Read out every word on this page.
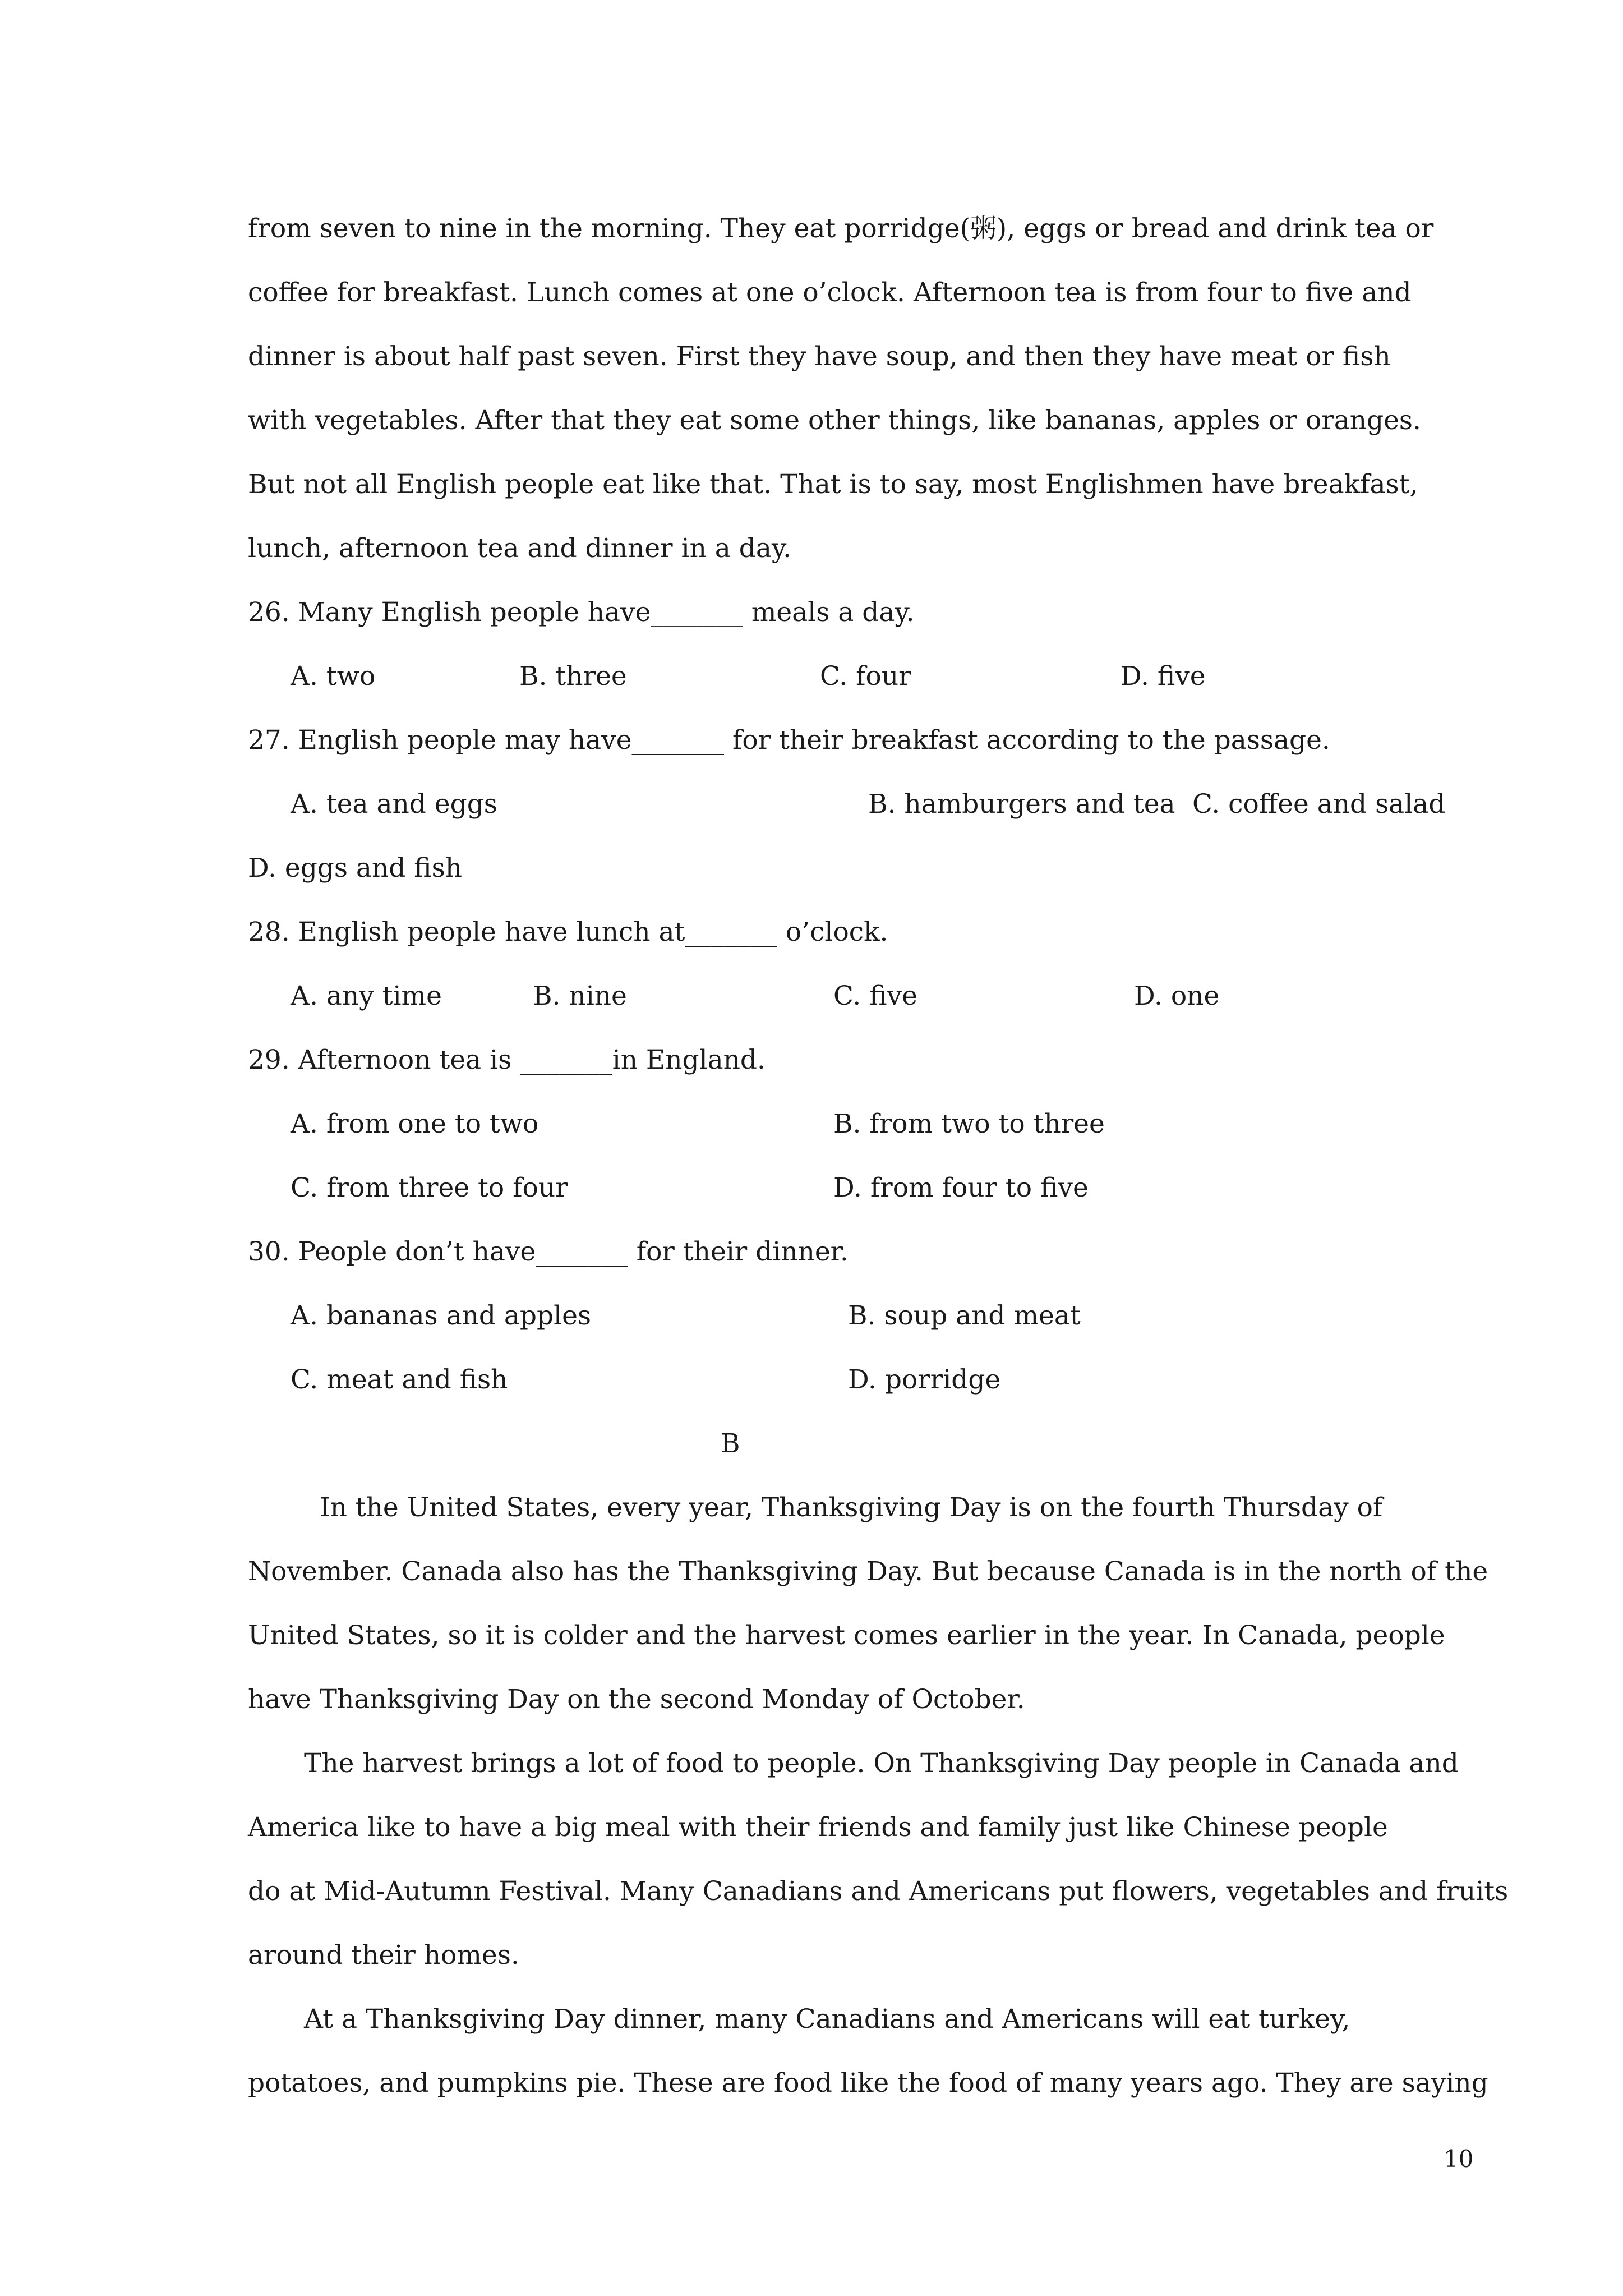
from seven to nine in the morning. They eat porridge(粥), eggs or bread and drink tea or
coffee for breakfast. Lunch comes at one o’clock. Afternoon tea is from four to five and
dinner is about half past seven. First they have soup, and then they have meat or fish
with vegetables. After that they eat some other things, like bananas, apples or oranges.
But not all English people eat like that. That is to say, most Englishmen have breakfast,
lunch, afternoon tea and dinner in a day.
26. Many English people have_______ meals a day.
A. two	B. three	C. four	D. five
27. English people may have_______ for their breakfast according to the passage.
A. tea and eggs	B. hamburgers and tea C. coffee and salad
D. eggs and fish
28. English people have lunch at_______ o’clock.
A. any time	B. nine	C. five	D. one
29. Afternoon tea is _______in England.
A. from one to two	B. from two to three
C. from three to four	D. from four to five
30. People don’t have_______ for their dinner.
A. bananas and apples	B. soup and meat
C. meat and fish	D. porridge
B
In the United States, every year, Thanksgiving Day is on the fourth Thursday of
November. Canada also has the Thanksgiving Day. But because Canada is in the north of the
United States, so it is colder and the harvest comes earlier in the year. In Canada, people
have Thanksgiving Day on the second Monday of October.
The harvest brings a lot of food to people. On Thanksgiving Day people in Canada and
America like to have a big meal with their friends and family just like Chinese people
do at Mid-Autumn Festival. Many Canadians and Americans put flowers, vegetables and fruits
around their homes.
At a Thanksgiving Day dinner, many Canadians and Americans will eat turkey,
potatoes, and pumpkins pie. These are food like the food of many years ago. They are saying
10
